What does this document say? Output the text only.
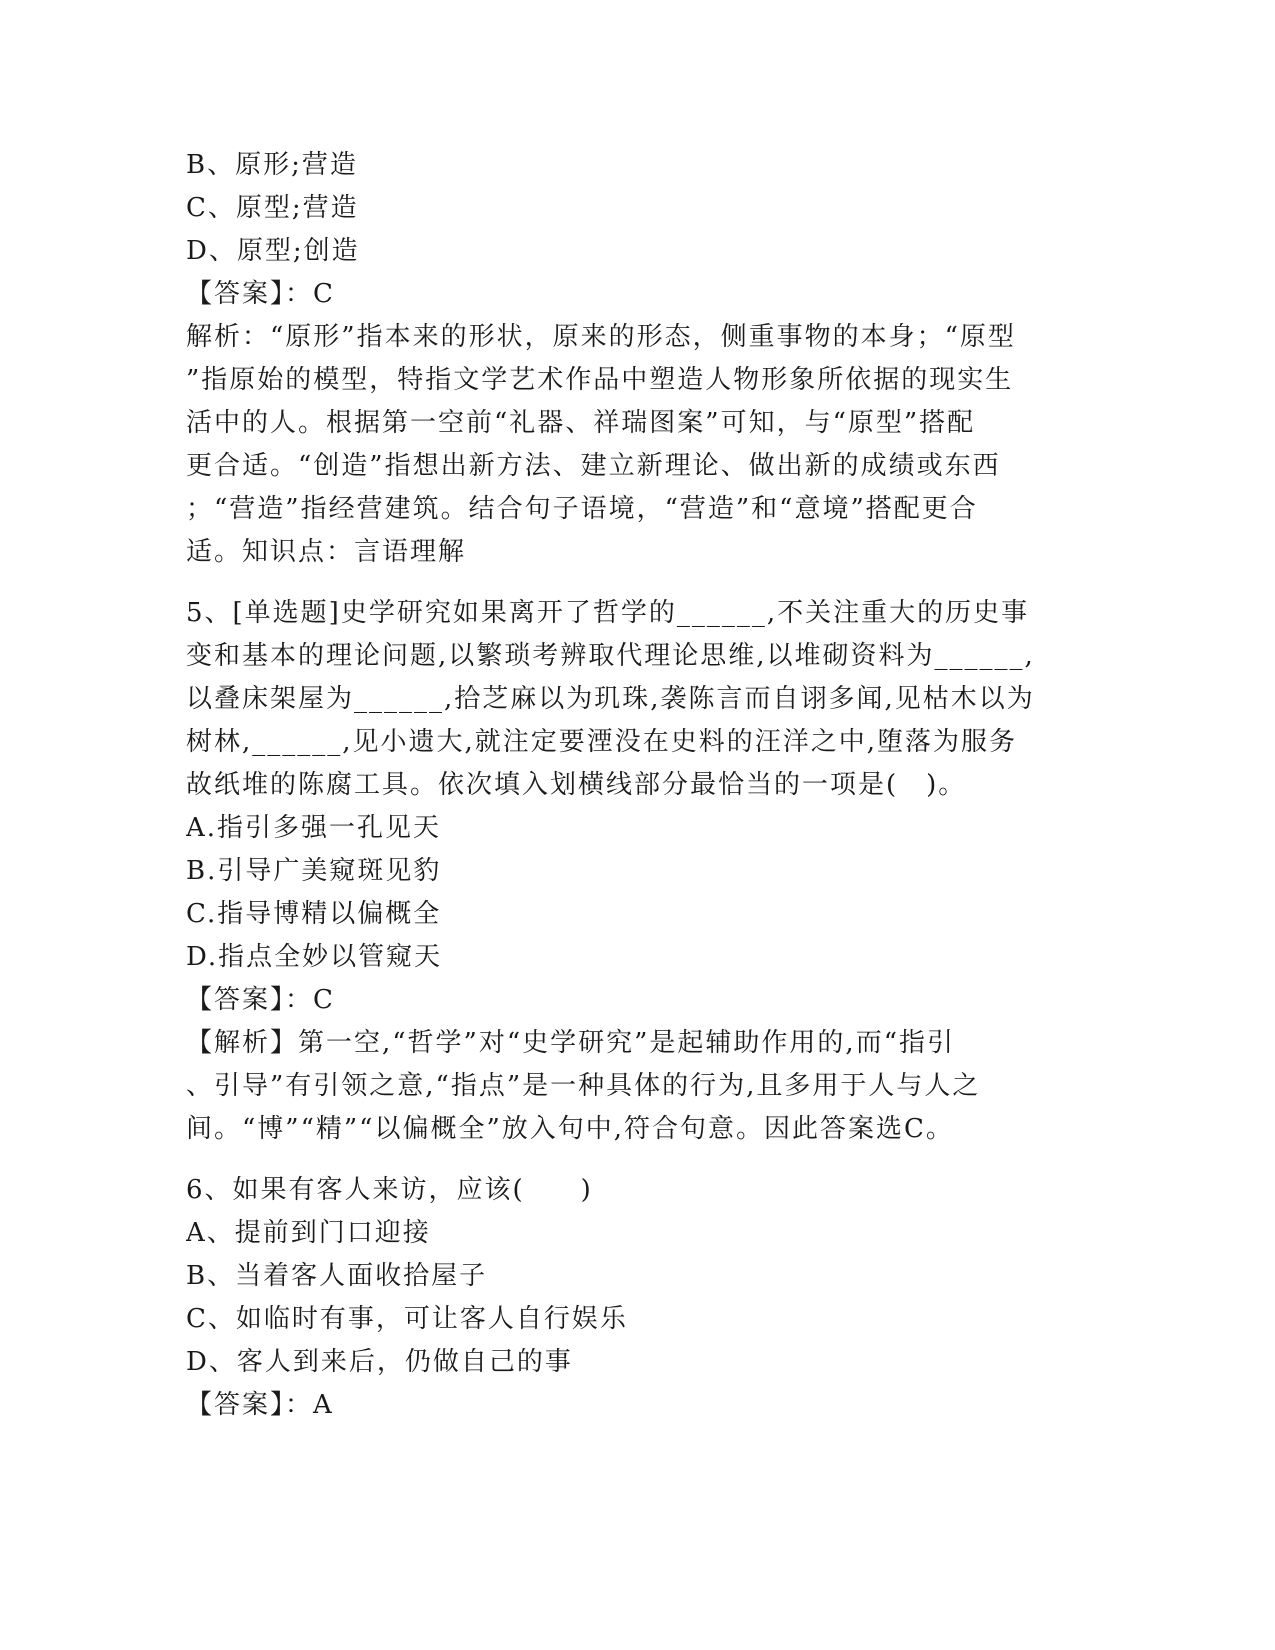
B、原形;营造
C、原型;营造
D、原型;创造
【答案】：C
解析：“原形”指本来的形状，原来的形态，侧重事物的本身；“原型
”指原始的模型，特指文学艺术作品中塑造人物形象所依据的现实生
活中的人。根据第一空前“礼器、祥瑞图案”可知，与“原型”搭配
更合适。“创造”指想出新方法、建立新理论、做出新的成绩或东西
；“营造”指经营建筑。结合句子语境，“营造”和“意境”搭配更合
适。知识点：言语理解
5、[单选题]史学研究如果离开了哲学的______,不关注重大的历史事
变和基本的理论问题,以繁琐考辨取代理论思维,以堆砌资料为______,
以叠床架屋为______,拾芝麻以为玑珠,袭陈言而自诩多闻,见枯木以为
树林,______,见小遗大,就注定要湮没在史料的汪洋之中,堕落为服务
故纸堆的陈腐工具。依次填入划横线部分最恰当的一项是(　)。
A.指引多强一孔见天
B.引导广美窥斑见豹
C.指导博精以偏概全
D.指点全妙以管窥天
【答案】：C
【解析】第一空,“哲学”对“史学研究”是起辅助作用的,而“指引
、引导”有引领之意,“指点”是一种具体的行为,且多用于人与人之
间。“博”“精”“以偏概全”放入句中,符合句意。因此答案选C。
6、如果有客人来访，应该(　　)
A、提前到门口迎接
B、当着客人面收拾屋子
C、如临时有事，可让客人自行娱乐
D、客人到来后，仍做自己的事
【答案】：A
